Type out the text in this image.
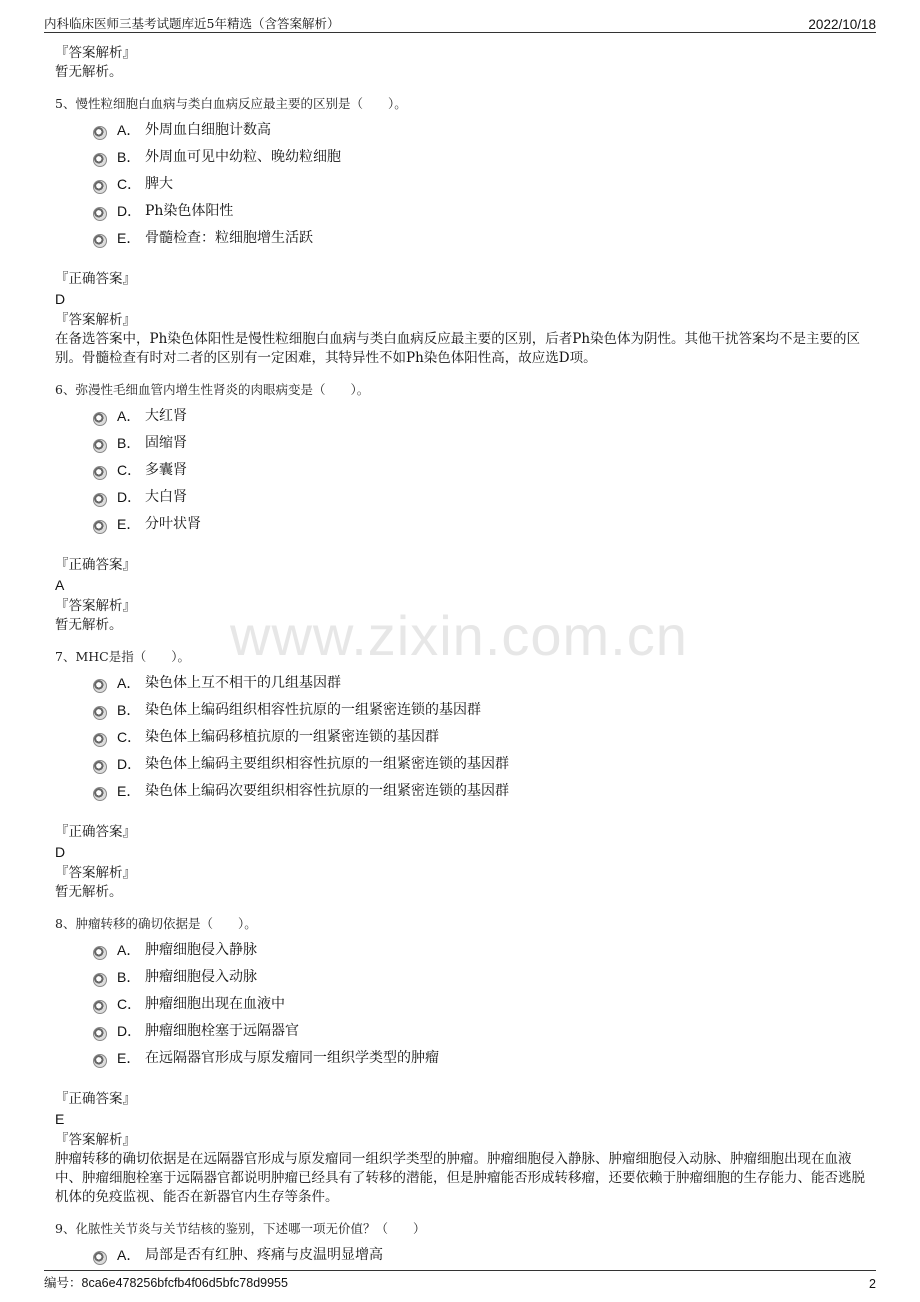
内科临床医师三基考试题库近5年精选（含答案解析）	2022/10/18
www.zixin.com.cn
『答案解析』
暂无解析。
5、慢性粒细胞白血病与类白血病反应最主要的区别是（　　）。
A． 外周血白细胞计数高
B． 外周血可见中幼粒、晚幼粒细胞
C． 脾大
D． Ph染色体阳性
E． 骨髓检查：粒细胞增生活跃
『正确答案』
D
『答案解析』
在备选答案中，Ph染色体阳性是慢性粒细胞白血病与类白血病反应最主要的区别，后者Ph染色体为阴性。其他干扰答案均不是主要的区别。骨髓检查有时对二者的区别有一定困难，其特异性不如Ph染色体阳性高，故应选D项。
6、弥漫性毛细血管内增生性肾炎的肉眼病变是（　　）。
A． 大红肾
B． 固缩肾
C． 多囊肾
D． 大白肾
E． 分叶状肾
『正确答案』
A
『答案解析』
暂无解析。
7、MHC是指（　　）。
A． 染色体上互不相干的几组基因群
B． 染色体上编码组织相容性抗原的一组紧密连锁的基因群
C． 染色体上编码移植抗原的一组紧密连锁的基因群
D． 染色体上编码主要组织相容性抗原的一组紧密连锁的基因群
E． 染色体上编码次要组织相容性抗原的一组紧密连锁的基因群
『正确答案』
D
『答案解析』
暂无解析。
8、肿瘤转移的确切依据是（　　）。
A． 肿瘤细胞侵入静脉
B． 肿瘤细胞侵入动脉
C． 肿瘤细胞出现在血液中
D． 肿瘤细胞栓塞于远隔器官
E． 在远隔器官形成与原发瘤同一组织学类型的肿瘤
『正确答案』
E
『答案解析』
肿瘤转移的确切依据是在远隔器官形成与原发瘤同一组织学类型的肿瘤。肿瘤细胞侵入静脉、肿瘤细胞侵入动脉、肿瘤细胞出现在血液中、肿瘤细胞栓塞于远隔器官都说明肿瘤已经具有了转移的潜能，但是肿瘤能否形成转移瘤，还要依赖于肿瘤细胞的生存能力、能否逃脱机体的免疫监视、能否在新器官内生存等条件。
9、化脓性关节炎与关节结核的鉴别，下述哪一项无价值？（　　）
A． 局部是否有红肿、疼痛与皮温明显增高
编号：8ca6e478256bfcfb4f06d5bfc78d9955	2
